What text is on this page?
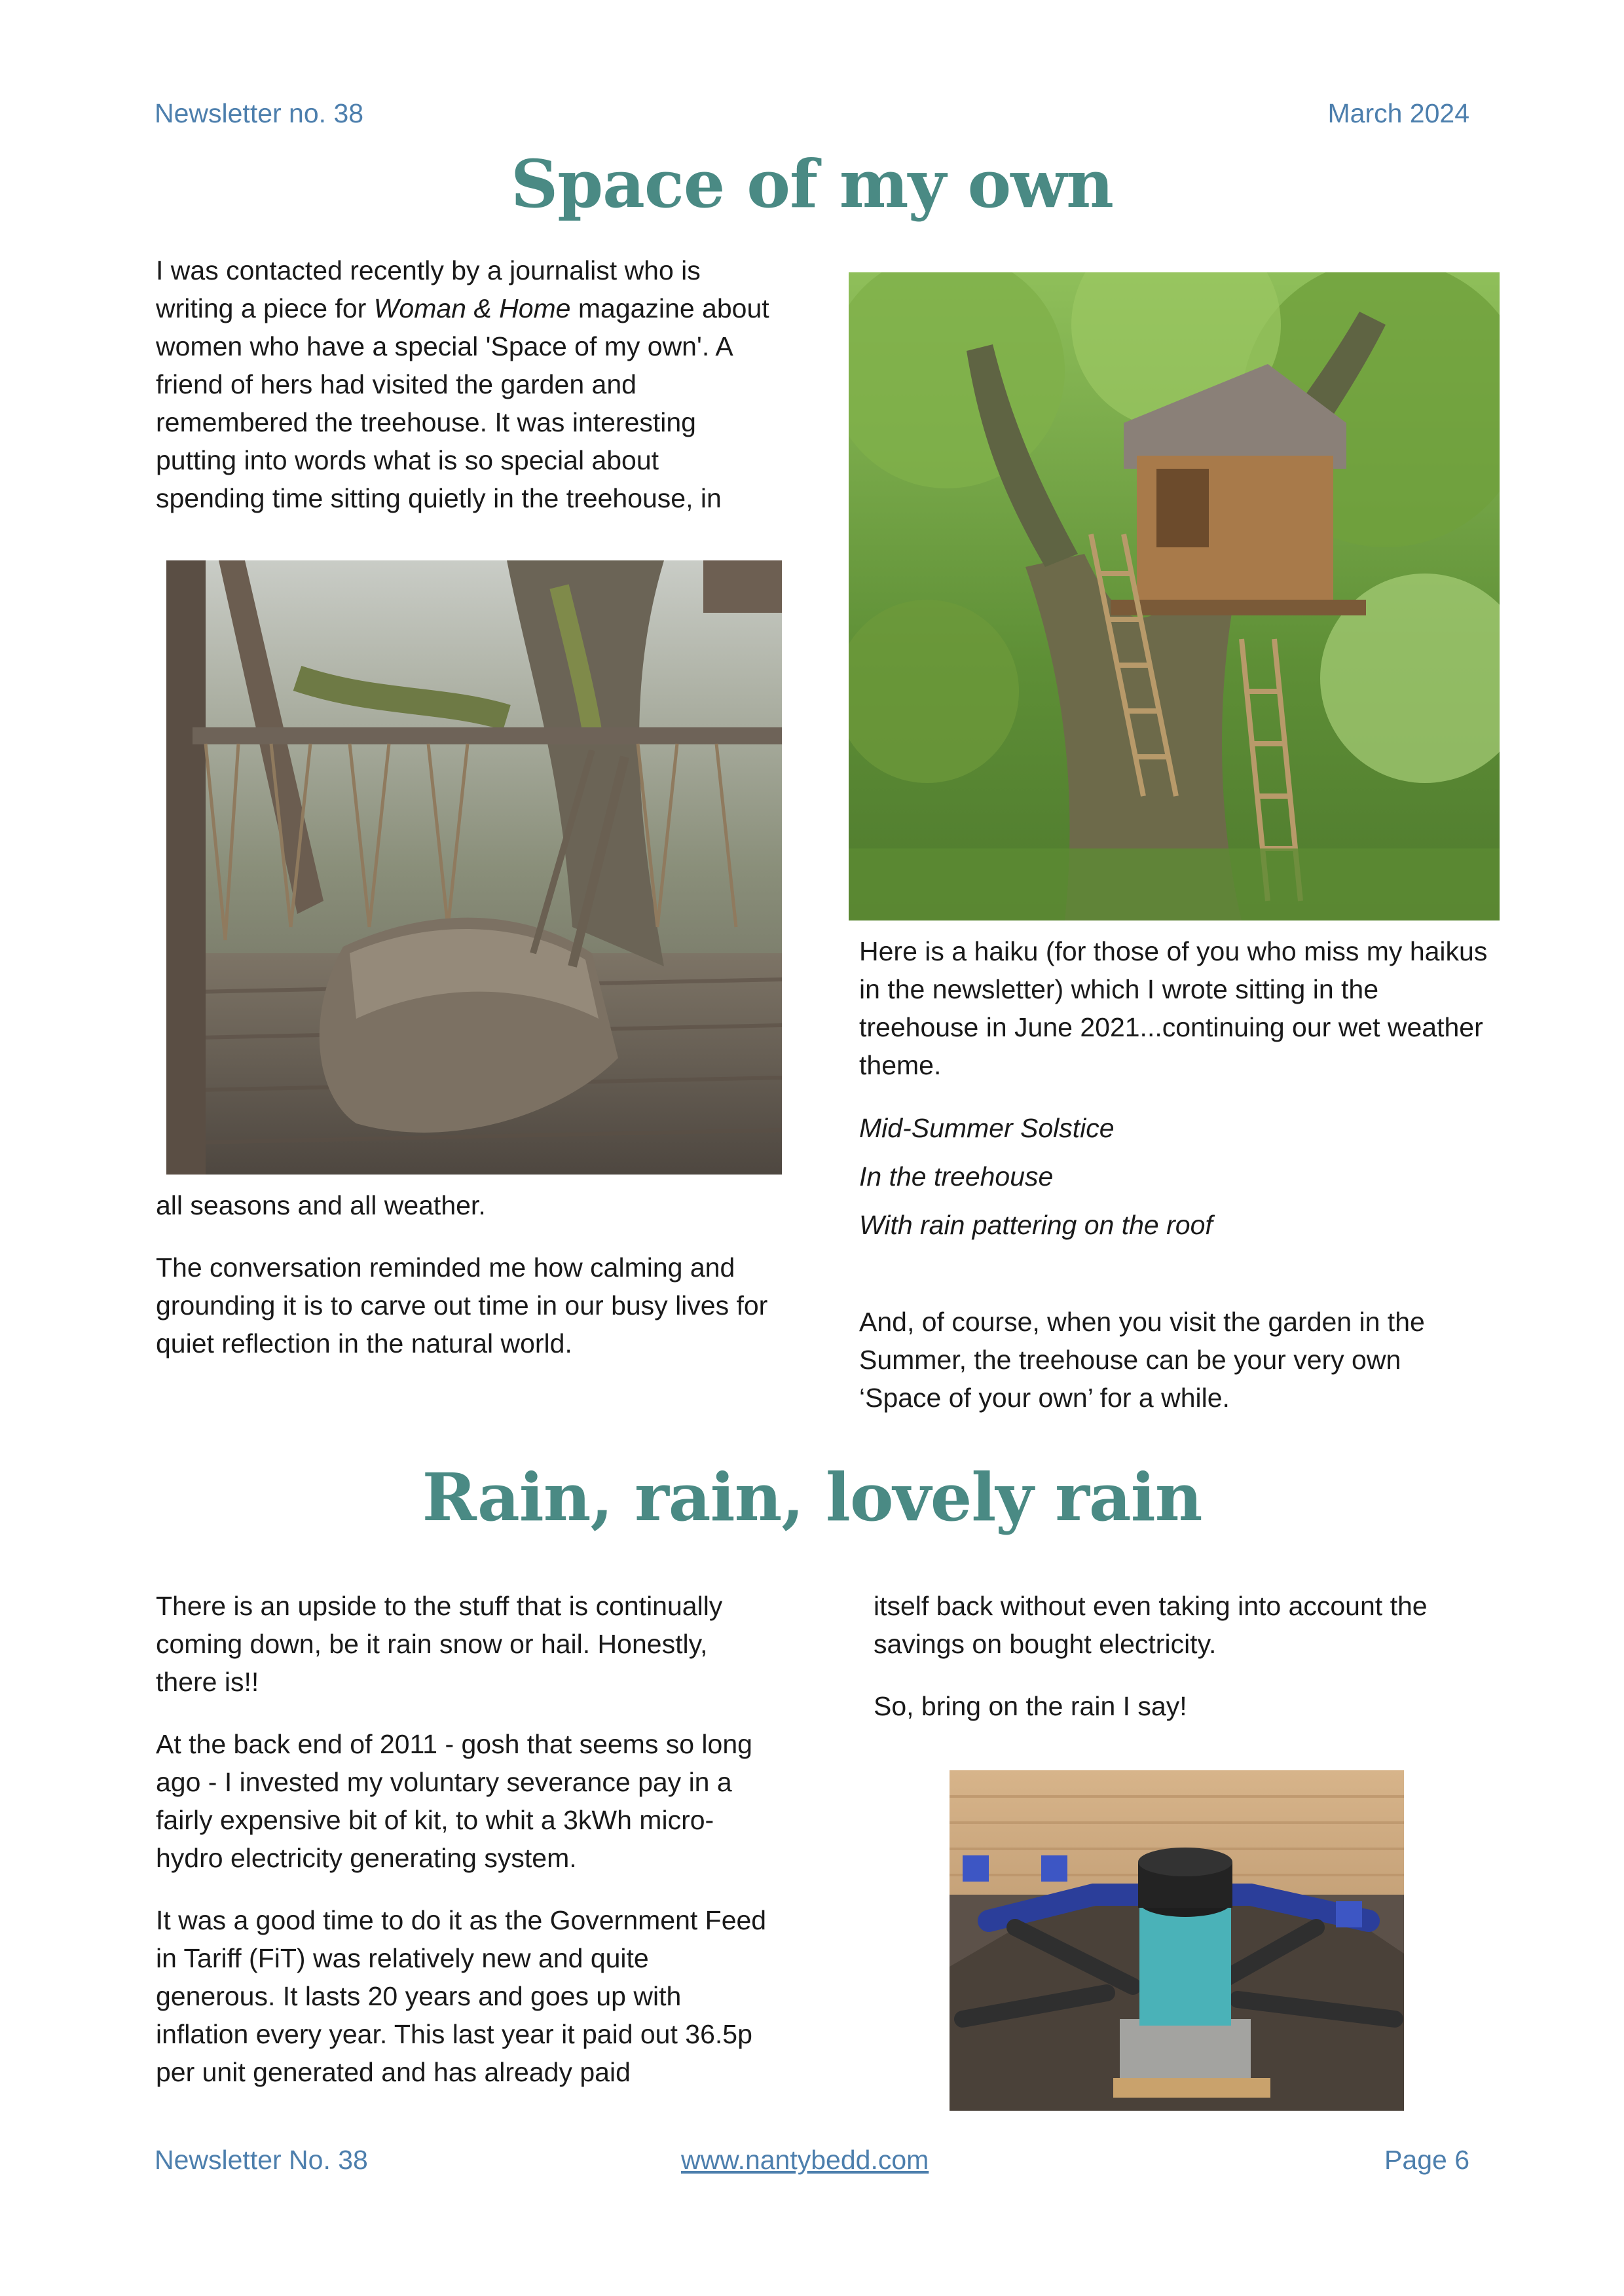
Newsletter no. 38	March 2024
Space of my own

I was contacted recently by a journalist who is writing a piece for Woman & Home magazine about women who have a special 'Space of my own'. A friend of hers had visited the garden and remembered the treehouse. It was interesting putting into words what is so special about spending time sitting quietly in the treehouse, in

all seasons and all weather.

The conversation reminded me how calming and grounding it is to carve out time in our busy lives for quiet reflection in the natural world.

Here is a haiku (for those of you who miss my haikus in the newsletter) which I wrote sitting in the treehouse in June 2021...continuing our wet weather theme.

Mid-Summer Solstice

In the treehouse

With rain pattering on the roof

And, of course, when you visit the garden in the Summer, the treehouse can be your very own ‘Space of your own’ for a while.

Rain, rain, lovely rain

There is an upside to the stuff that is continually coming down, be it rain snow or hail. Honestly, there is!!

At the back end of 2011 - gosh that seems so long ago - I invested my voluntary severance pay in a fairly expensive bit of kit, to whit a 3kWh micro-hydro electricity generating system.

It was a good time to do it as the Government Feed in Tariff (FiT) was relatively new and quite generous. It lasts 20 years and goes up with inflation every year. This last year it paid out 36.5p per unit generated and has already paid

itself back without even taking into account the savings on bought electricity.

So, bring on the rain I say!

Newsletter No. 38	www.nantybedd.com	Page 6
